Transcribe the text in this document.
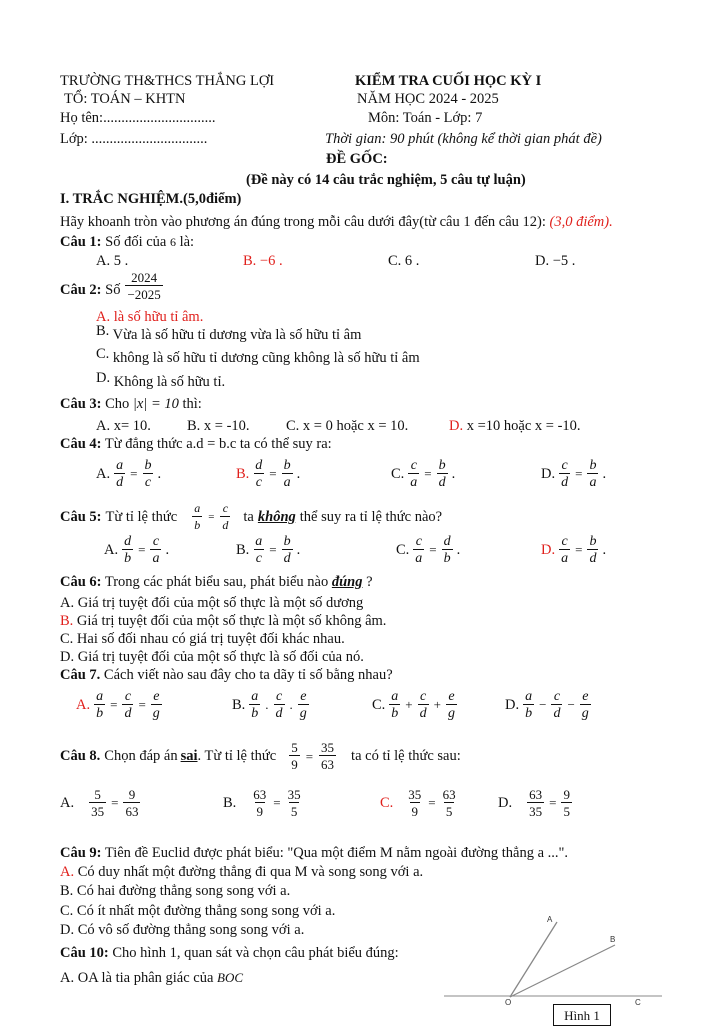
TRƯỜNG TH&THCS THẮNG LỢI
TỔ: TOÁN – KHTN
Họ tên:...............................
Lớp: ................................
KIỂM TRA CUỐI HỌC KỲ I
NĂM HỌC 2024 - 2025
Môn: Toán - Lớp: 7
Thời gian: 90 phút (không kể thời gian phát đề)
ĐỀ GỐC:
(Đề này có 14 câu trắc nghiệm, 5 câu tự luận)
I. TRẮC NGHIỆM.(5,0điểm)
Hãy khoanh tròn vào phương án đúng trong mỗi câu dưới đây(từ câu 1 đến câu 12): (3,0 điểm).
Câu 1: Số đối của 6 là:
A. 5 .	B. −6 .	C. 6 .	D. −5 .
Câu 2: Số $\frac{2024}{-2025}$
A. là số hữu tỉ âm.
B. Vừa là số hữu tỉ dương vừa là số hữu tỉ âm
C. không là số hữu tỉ dương cũng không là số hữu tỉ âm
D. Không là số hữu tỉ.
Câu 3: Cho |x| = 10 thì:
A. x= 10. B. x = -10.	C. x = 0 hoặc x = 10.	D. x =10 hoặc x = -10.
Câu 4: Từ đẳng thức a.d = b.c ta có thể suy ra:
A. $\frac{a}{d} = \frac{b}{c}$ .	B. $\frac{d}{c} = \frac{b}{a}$ .	C. $\frac{c}{a} = \frac{b}{d}$ .	D. $\frac{c}{d} = \frac{b}{a}$ .
Câu 5: Từ tỉ lệ thức $\frac{a}{b} = \frac{c}{d}$ ta không thể suy ra tỉ lệ thức nào?
A. $\frac{d}{b} = \frac{c}{a}$ .	B. $\frac{a}{c} = \frac{b}{d}$ .	C. $\frac{c}{a} = \frac{d}{b}$ .	D. $\frac{c}{a} = \frac{b}{d}$ .
Câu 6: Trong các phát biểu sau, phát biểu nào đúng ?
A. Giá trị tuyệt đối của một số thực là một số dương
B. Giá trị tuyệt đối của một số thực là một số không âm.
C. Hai số đối nhau có giá trị tuyệt đối khác nhau.
D. Giá trị tuyệt đối của một số thực là số đối của nó.
Câu 7. Cách viết nào sau đây cho ta dãy tỉ số bằng nhau?
A. $\frac{a}{b} = \frac{c}{d} = \frac{e}{g}$	B. $\frac{a}{b}$ . $\frac{c}{d}$ . $\frac{e}{g}$	C. $\frac{a}{b} + \frac{c}{d} + \frac{e}{g}$	D. $\frac{a}{b} - \frac{c}{d} - \frac{e}{g}$
Câu 8. Chọn đáp án sai . Từ tỉ lệ thức $\frac{5}{9} = \frac{35}{63}$ ta có tỉ lệ thức sau:
A. $\frac{5}{35} = \frac{9}{63}$	B. $\frac{63}{9} = \frac{35}{5}$	C. $\frac{35}{9} = \frac{63}{5}$	D. $\frac{63}{35} = \frac{9}{5}$
Câu 9: Tiên đề Euclid được phát biểu: "Qua một điểm M nằm ngoài đường thẳng a ...".
A. Có duy nhất một đường thẳng đi qua M và song song với a.
B. Có hai đường thẳng song song với a.
C. Có ít nhất một đường thẳng song song với a.
D. Có vô số đường thẳng song song với a.
Câu 10: Cho hình 1, quan sát và chọn câu phát biểu đúng:
A. OA là tia phân giác của BOC
A
B
O	C
Hình 1
